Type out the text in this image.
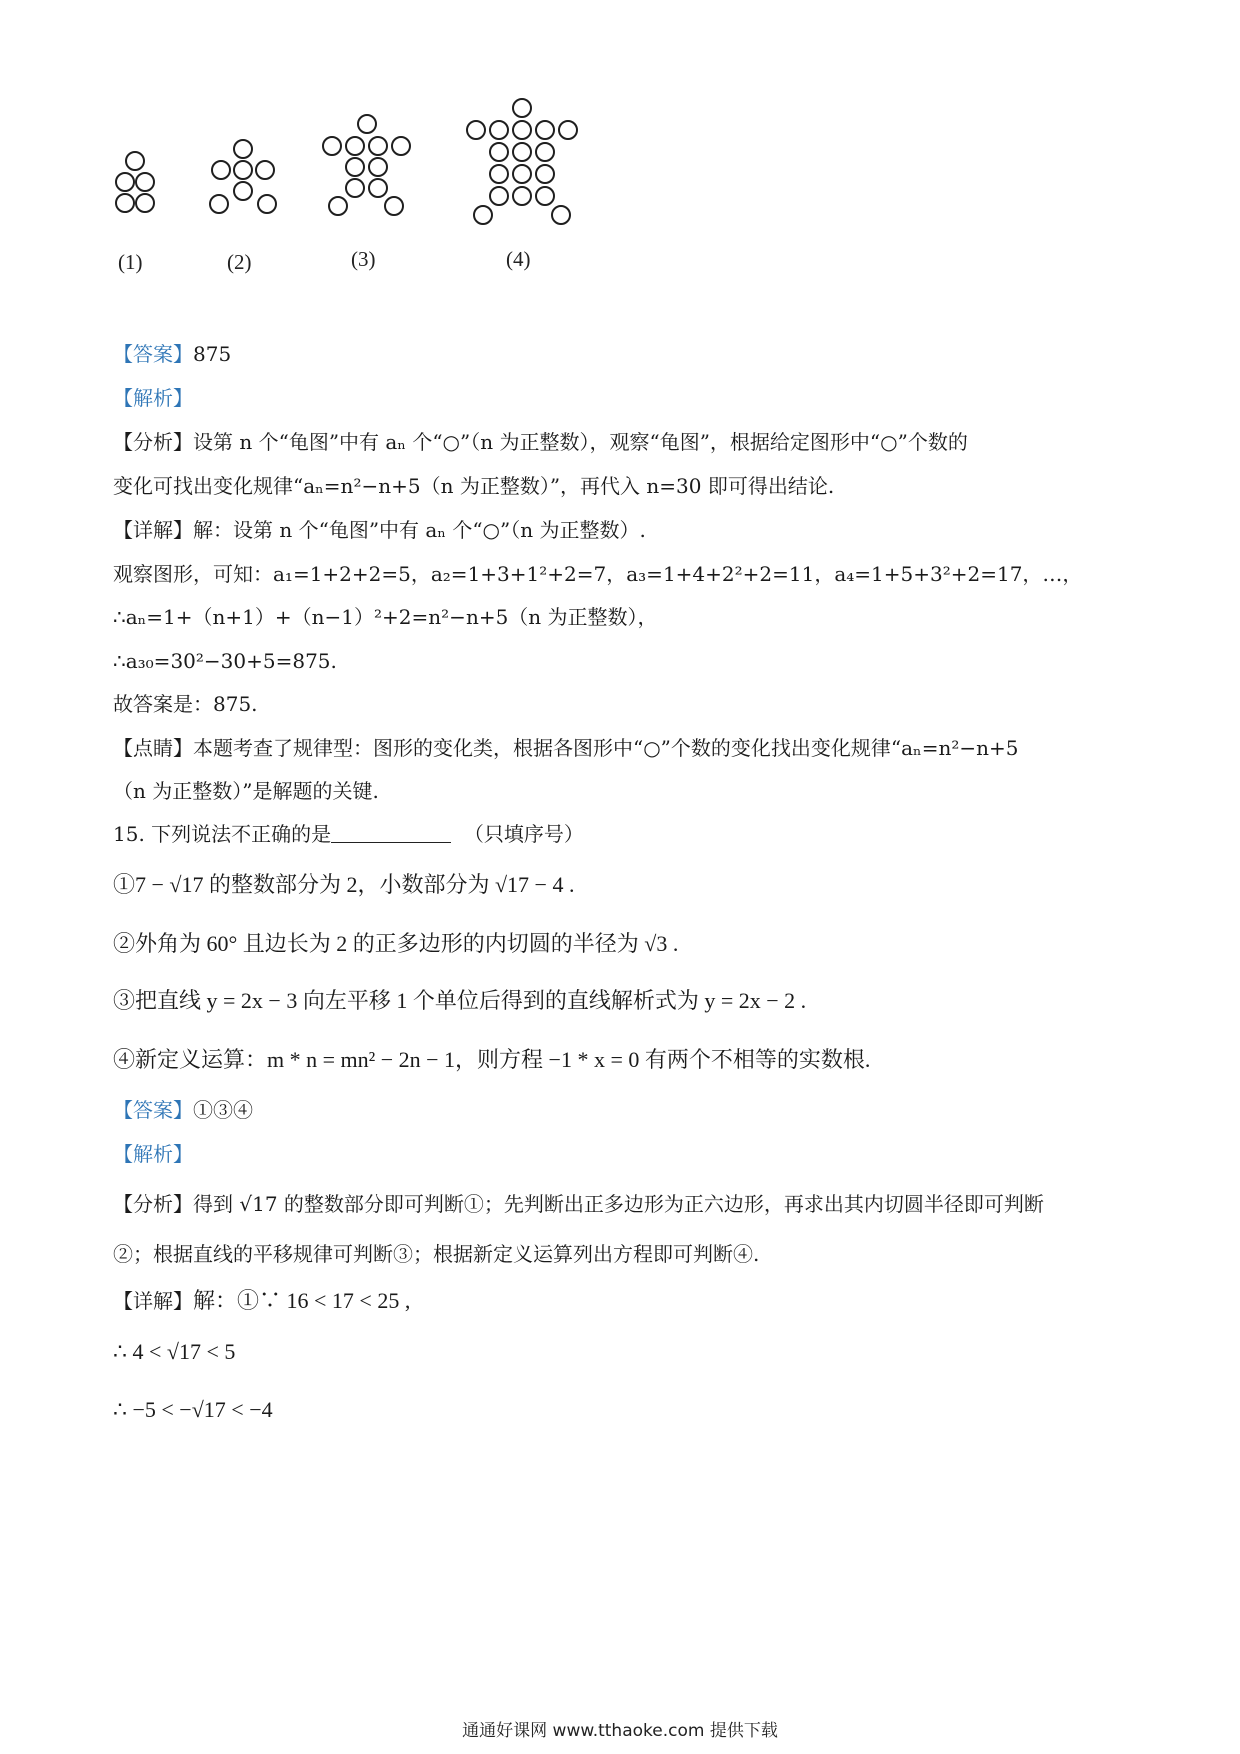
(1)	(2)	(3)	(4)
【答案】875
【解析】
【分析】设第 n 个“龟图”中有 aₙ 个“○”（n 为正整数），观察“龟图”，根据给定图形中“○”个数的
变化可找出变化规律“aₙ=n²−n+5（n 为正整数）”，再代入 n=30 即可得出结论.
【详解】解：设第 n 个“龟图”中有 aₙ 个“○”（n 为正整数）.
观察图形，可知：a₁=1+2+2=5，a₂=1+3+1²+2=7，a₃=1+4+2²+2=11，a₄=1+5+3²+2=17，…，
∴aₙ=1+（n+1）+（n−1）²+2=n²−n+5（n 为正整数），
∴a₃₀=30²−30+5=875.
故答案是：875.
【点睛】本题考查了规律型：图形的变化类，根据各图形中“○”个数的变化找出变化规律“aₙ=n²−n+5
（n 为正整数）”是解题的关键.
15. 下列说法不正确的是	（只填序号）
①7 − √17 的整数部分为 2，小数部分为 √17 − 4 .
②外角为 60° 且边长为 2 的正多边形的内切圆的半径为 √3 .
③把直线 y = 2x − 3 向左平移 1 个单位后得到的直线解析式为 y = 2x − 2 .
④新定义运算：m * n = mn² − 2n − 1，则方程 −1 * x = 0 有两个不相等的实数根.
【答案】①③④
【解析】
【分析】得到 √17 的整数部分即可判断①；先判断出正多边形为正六边形，再求出其内切圆半径即可判断
②；根据直线的平移规律可判断③；根据新定义运算列出方程即可判断④.
【详解】解：①∵ 16 < 17 < 25 ,
∴ 4 < √17 < 5
∴ −5 < −√17 < −4
通通好课网 www.tthaoke.com 提供下载
